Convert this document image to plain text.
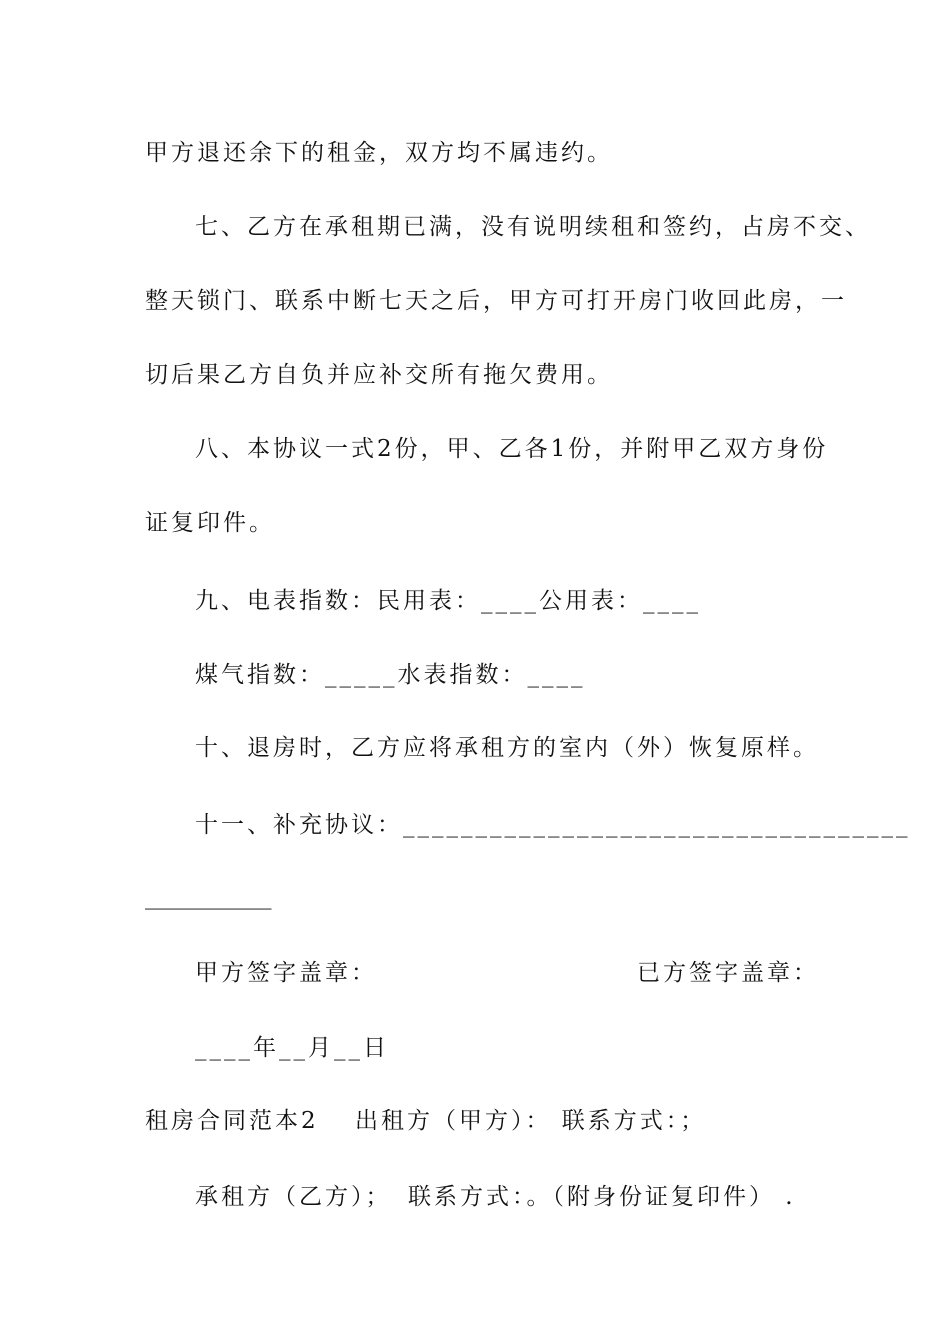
甲方退还余下的租金，双方均不属违约。
七、乙方在承租期已满，没有说明续租和签约，占房不交、
整天锁门、联系中断七天之后，甲方可打开房门收回此房，一
切后果乙方自负并应补交所有拖欠费用。
八、本协议一式2份，甲、乙各1份，并附甲乙双方身份
证复印件。
九、电表指数：民用表：____公用表：____
煤气指数：_____水表指数：____
十、退房时，乙方应将承租方的室内（外）恢复原样。
十一、补充协议：___________________________________
___________
甲方签字盖章：	已方签字盖章：
____年__月__日
租房合同范本2 出租方（甲方）： 联系方式：；
承租方（乙方）； 联系方式：。（附身份证复印件） .
